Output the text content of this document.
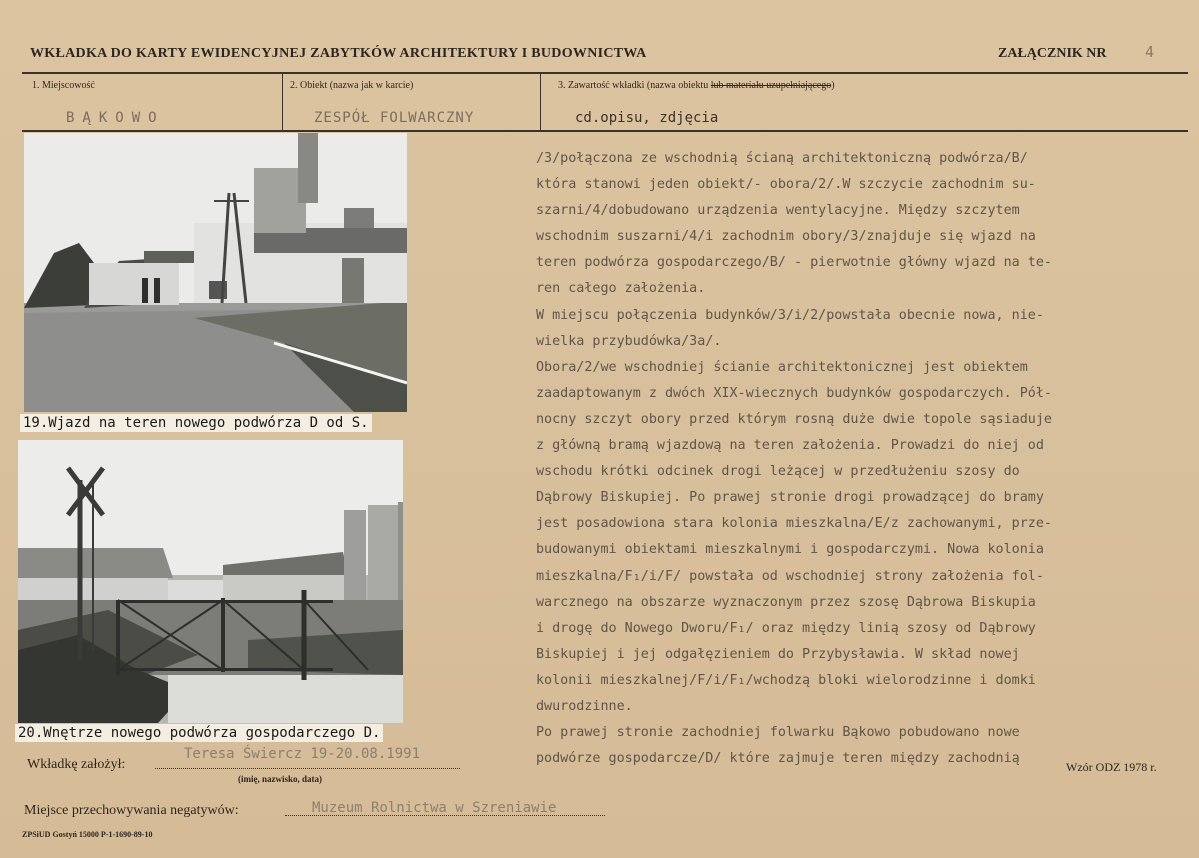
WKŁADKA DO KARTY EWIDENCYJNEJ ZABYTKÓW ARCHITEKTURY I BUDOWNICTWA	ZAŁĄCZNIK NR	4
1. Miejscowość	2. Obiekt (nazwa jak w karcie)	3. Zawartość wkładki (nazwa obiektu lub materiału uzupełniającego)
BĄKOWO	ZESPÓŁ FOLWARCZNY	cd.opisu, zdjęcia
19.Wjazd na teren nowego podwórza D od S.
20.Wnętrze nowego podwórza gospodarczego D.
/3/połączona ze wschodnią ścianą architektoniczną podwórza/B/
która stanowi jeden obiekt/- obora/2/.W szczycie zachodnim su-
szarni/4/dobudowano urządzenia wentylacyjne. Między szczytem
wschodnim suszarni/4/i zachodnim obory/3/znajduje się wjazd na
teren podwórza gospodarczego/B/ - pierwotnie główny wjazd na te-
ren całego założenia.
W miejscu połączenia budynków/3/i/2/powstała obecnie nowa, nie-
wielka przybudówka/3a/.
Obora/2/we wschodniej ścianie architektonicznej jest obiektem
zaadaptowanym z dwóch XIX-wiecznych budynków gospodarczych. Pół-
nocny szczyt obory przed którym rosną duże dwie topole sąsiaduje
z główną bramą wjazdową na teren założenia. Prowadzi do niej od
wschodu krótki odcinek drogi leżącej w przedłużeniu szosy do
Dąbrowy Biskupiej. Po prawej stronie drogi prowadzącej do bramy
jest posadowiona stara kolonia mieszkalna/E/z zachowanymi, prze-
budowanymi obiektami mieszkalnymi i gospodarczymi. Nowa kolonia
mieszkalna/F₁/i/F/ powstała od wschodniej strony założenia fol-
warcznego na obszarze wyznaczonym przez szosę Dąbrowa Biskupia
i drogę do Nowego Dworu/F₁/ oraz między linią szosy od Dąbrowy
Biskupiej i jej odgałęzieniem do Przybysławia. W skład nowej
kolonii mieszkalnej/F/i/F₁/wchodzą bloki wielorodzinne i domki
dwurodzinne.
Po prawej stronie zachodniej folwarku Bąkowo pobudowano nowe
podwórze gospodarcze/D/ które zajmuje teren między zachodnią
Wzór ODZ 1978 r.
Wkładkę założył:
Teresa Świercz 19-20.08.1991
(imię, nazwisko, data)
Miejsce przechowywania negatywów:	Muzeum Rolnictwa w Szreniawie
ZPSiUD Gostyń 15000 P-1-1690-89-10
